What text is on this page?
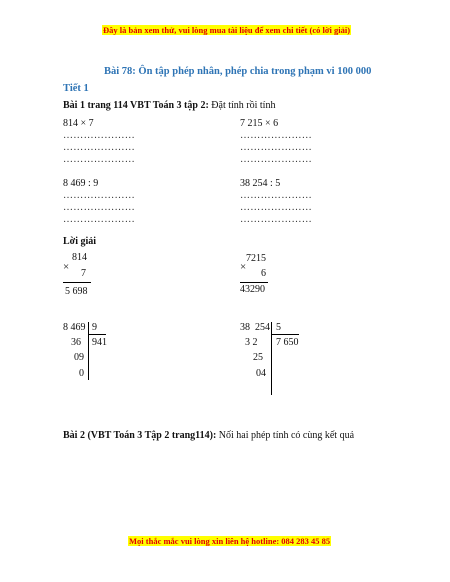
Đây là bản xem thử, vui lòng mua tài liệu để xem chi tiết (có lời giải)
Bài 78: Ôn tập phép nhân, phép chia trong phạm vi 100 000
Tiết 1
Bài 1 trang 114 VBT Toán 3 tập 2: Đặt tính rồi tính
814 × 7	7 215 × 6
…………………
…………………
…………………
…………………
…………………
…………………
8 469 : 9	38 254 : 5
…………………
…………………
…………………
…………………
…………………
…………………
Lời giải
814
×
7
5 698
7215
×
6
43290
8 469 9
941
36
09
0
38  254 5
7 650
3 2
25
04
Bài 2 (VBT Toán 3 Tập 2 trang114): Nối hai phép tính có cùng kết quả
Mọi thắc mắc vui lòng xin liên hệ hotline: 084 283 45 85
